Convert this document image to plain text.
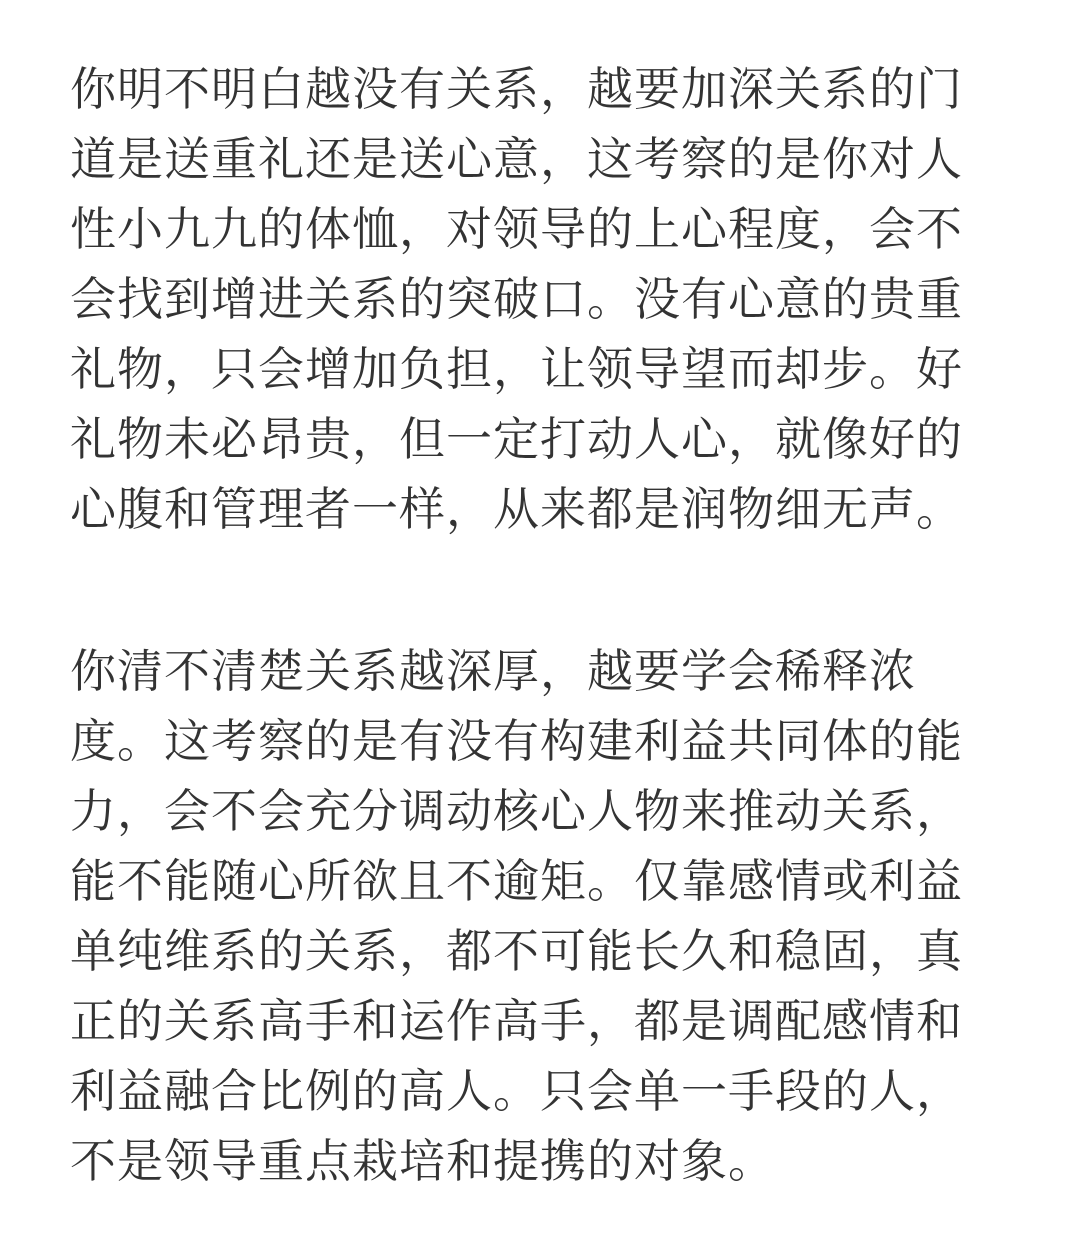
你明不明白越没有关系，越要加深关系的门
道是送重礼还是送心意，这考察的是你对人
性小九九的体恤，对领导的上心程度，会不
会找到增进关系的突破口。没有心意的贵重
礼物，只会增加负担，让领导望而却步。好
礼物未必昂贵，但一定打动人心，就像好的
心腹和管理者一样，从来都是润物细无声。

你清不清楚关系越深厚，越要学会稀释浓
度。这考察的是有没有构建利益共同体的能
力，会不会充分调动核心人物来推动关系，
能不能随心所欲且不逾矩。仅靠感情或利益
单纯维系的关系，都不可能长久和稳固，真
正的关系高手和运作高手，都是调配感情和
利益融合比例的高人。只会单一手段的人，
不是领导重点栽培和提携的对象。
